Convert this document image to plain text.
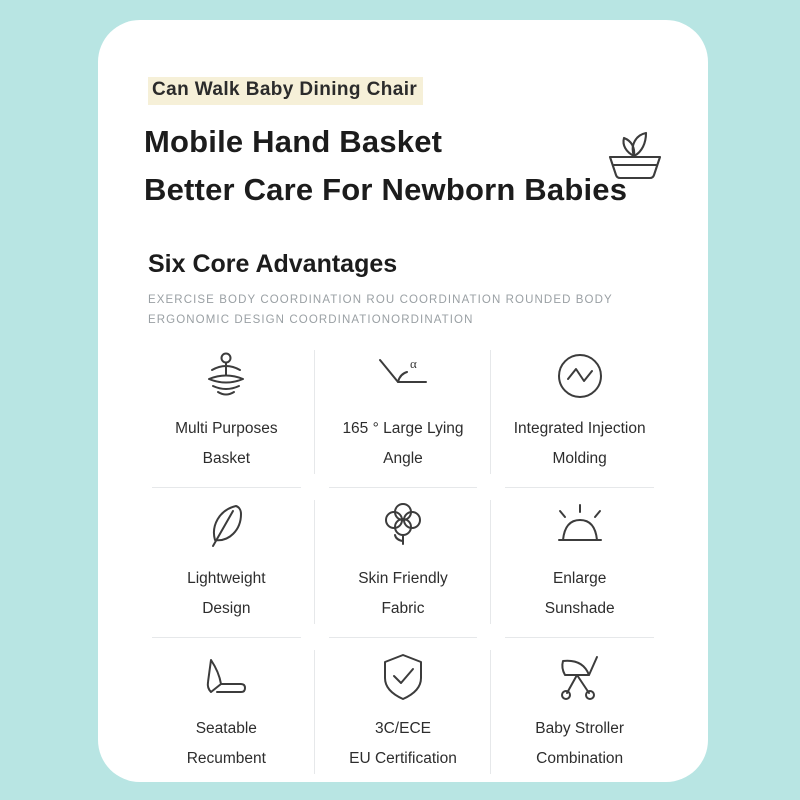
Can Walk Baby Dining Chair
Mobile Hand Basket
Better Care For Newborn Babies
Six Core Advantages
EXERCISE BODY COORDINATION ROU COORDINATION ROUNDED BODY
ERGONOMIC DESIGN COORDINATIONORDINATION
Multi Purposes
Basket
α
165 ° Large Lying
Angle
Integrated Injection
Molding
Lightweight
Design
Skin Friendly
Fabric
Enlarge
Sunshade
Seatable
Recumbent
3C/ECE
EU Certification
Baby Stroller
Combination
